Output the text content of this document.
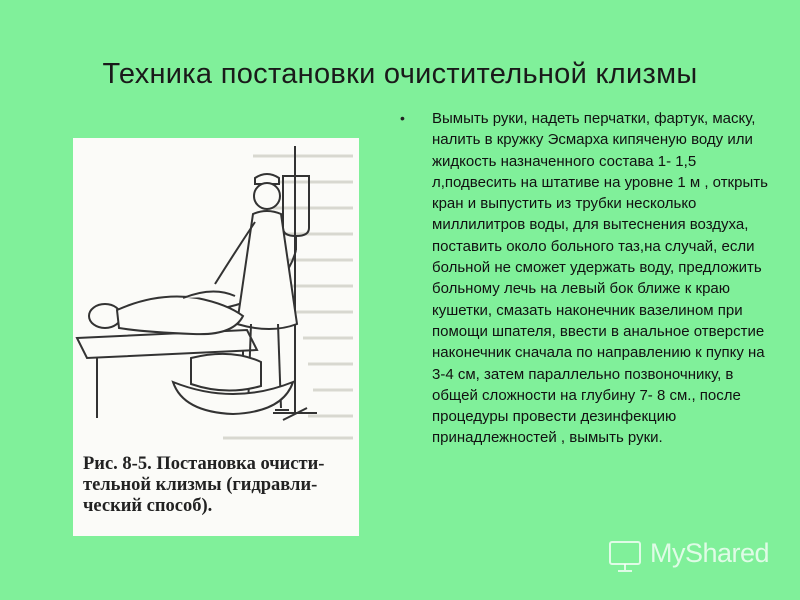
Техника постановки очистительной клизмы
Рис. 8-5. Постановка очисти-тельной клизмы (гидравли-ческий способ).
• Вымыть руки, надеть перчатки, фартук, маску, налить в кружку Эсмарха кипяченую воду или жидкость назначенного состава 1- 1,5 л,подвесить на штативе на уровне 1 м , открыть кран и выпустить из трубки несколько миллилитров воды, для вытеснения воздуха, поставить около больного таз,на случай, если больной не сможет удержать воду, предложить больному лечь на левый бок ближе к краю кушетки, смазать наконечник вазелином при помощи шпателя, ввести в анальное отверстие наконечник сначала по направлению к пупку на 3-4 см, затем параллельно позвоночнику, в общей сложности на глубину 7- 8 см., после процедуры провести дезинфекцию принадлежностей , вымыть руки.
MyShared
